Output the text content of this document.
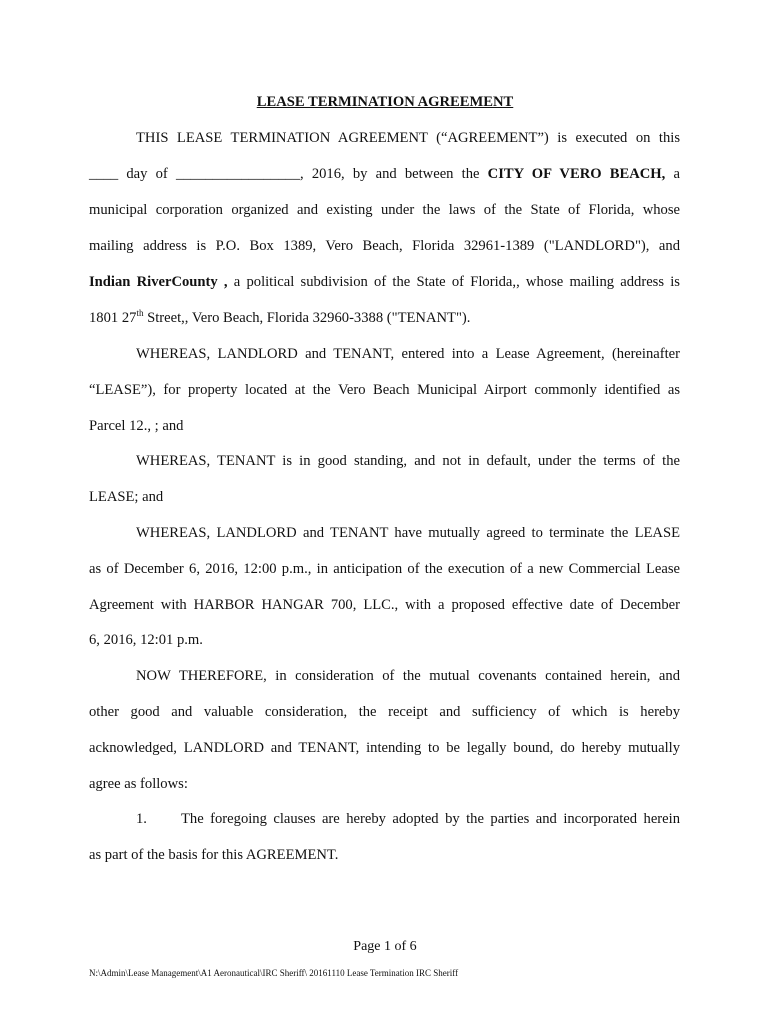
LEASE TERMINATION AGREEMENT
THIS LEASE TERMINATION AGREEMENT (“AGREEMENT”) is executed on this
____ day of _________________, 2016, by and between the CITY OF VERO BEACH, a
municipal corporation organized and existing under the laws of the State of Florida, whose
mailing address is P.O. Box 1389, Vero Beach, Florida 32961-1389 ("LANDLORD"), and
Indian RiverCounty , a political subdivision of the State of Florida,, whose mailing address is
1801 27th Street,, Vero Beach, Florida 32960-3388 ("TENANT").
WHEREAS, LANDLORD and TENANT, entered into a Lease Agreement, (hereinafter
“LEASE”), for property located at the Vero Beach Municipal Airport commonly identified as
Parcel 12., ; and
WHEREAS, TENANT is in good standing, and not in default, under the terms of the
LEASE; and
WHEREAS, LANDLORD and TENANT have mutually agreed to terminate the LEASE
as of December 6, 2016, 12:00 p.m., in anticipation of the execution of a new Commercial Lease
Agreement with HARBOR HANGAR 700, LLC., with a proposed effective date of December
6, 2016, 12:01 p.m.
NOW THEREFORE, in consideration of the mutual covenants contained herein, and
other good and valuable consideration, the receipt and sufficiency of which is hereby
acknowledged, LANDLORD and TENANT, intending to be legally bound, do hereby mutually
agree as follows:
1. The foregoing clauses are hereby adopted by the parties and incorporated herein
as part of the basis for this AGREEMENT.
Page 1 of 6
N:\Admin\Lease Management\A1 Aeronautical\IRC Sheriff\ 20161110 Lease Termination IRC Sheriff
